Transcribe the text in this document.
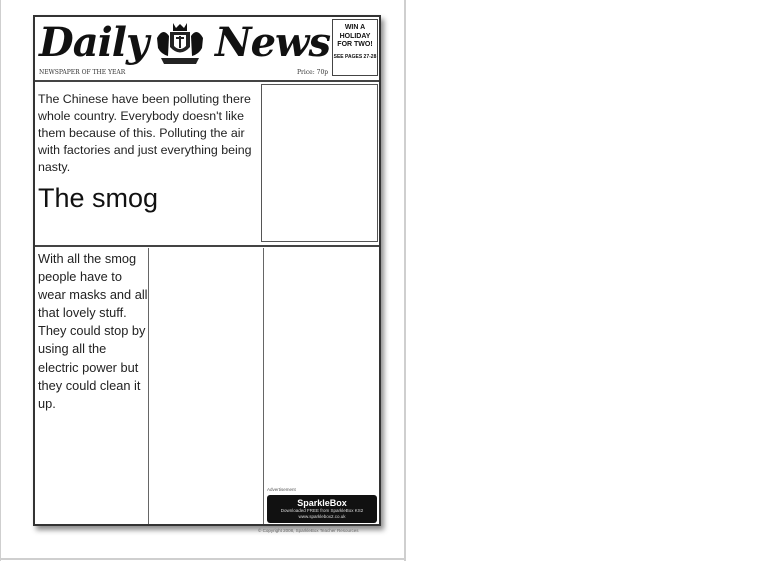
Daily News	WIN A HOLIDAY FOR TWO!
SEE PAGES 27-28
NEWSPAPER OF THE YEAR	Price: 70p
The Chinese have been polluting there whole country. Everybody doesn't like them because of this. Polluting the air with factories and just everything being nasty.
The smog
With all the smog people have to wear masks and all that lovely stuff. They could stop by using all the electric power but they could clean it up.
Advertisement
SparkleBox
Downloaded FREE from SparkleBox KS2
www.sparklebox2.co.uk
© Copyright 2008, SparkleBox Teacher Resources
